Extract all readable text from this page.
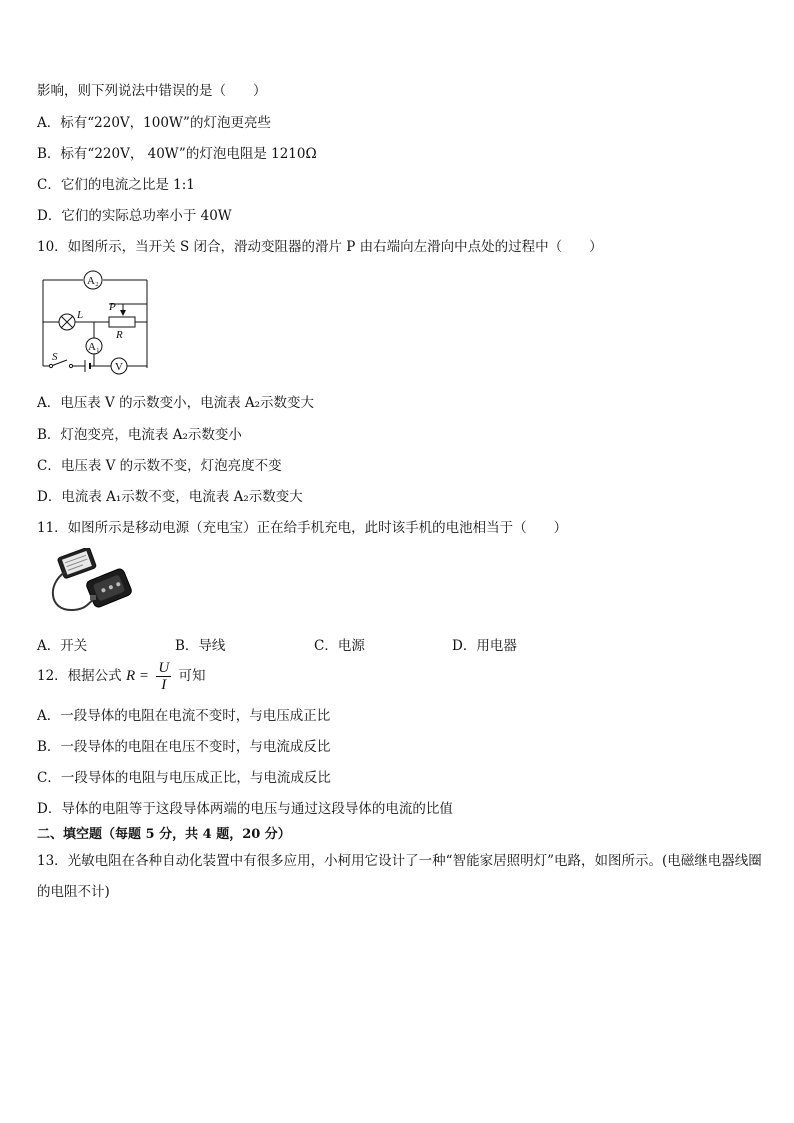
影响，则下列说法中错误的是（　　）
A．标有“220V，100W”的灯泡更亮些
B．标有“220V， 40W”的灯泡电阻是 1210Ω
C．它们的电流之比是 1:1
D．它们的实际总功率小于 40W
10．如图所示，当开关 S 闭合，滑动变阻器的滑片 P 由右端向左滑向中点处的过程中（　　）
A₂
A₁
V
L
P
R
S
A．电压表 V 的示数变小，电流表 A₂示数变大
B．灯泡变亮，电流表 A₂示数变小
C．电压表 V 的示数不变，灯泡亮度不变
D．电流表 A₁示数不变，电流表 A₂示数变大
11．如图所示是移动电源（充电宝）正在给手机充电，此时该手机的电池相当于（　　）
A．开关	B．导线	C．电源	D．用电器
12．根据公式 $R = \frac{U}{I}$ 可知
A．一段导体的电阻在电流不变时，与电压成正比
B．一段导体的电阻在电压不变时，与电流成反比
C．一段导体的电阻与电压成正比，与电流成反比
D．导体的电阻等于这段导体两端的电压与通过这段导体的电流的比值
二、填空题（每题 5 分，共 4 题，20 分）
13．光敏电阻在各种自动化装置中有很多应用，小柯用它设计了一种“智能家居照明灯”电路，如图所示。(电磁继电器线圈的电阻不计)
